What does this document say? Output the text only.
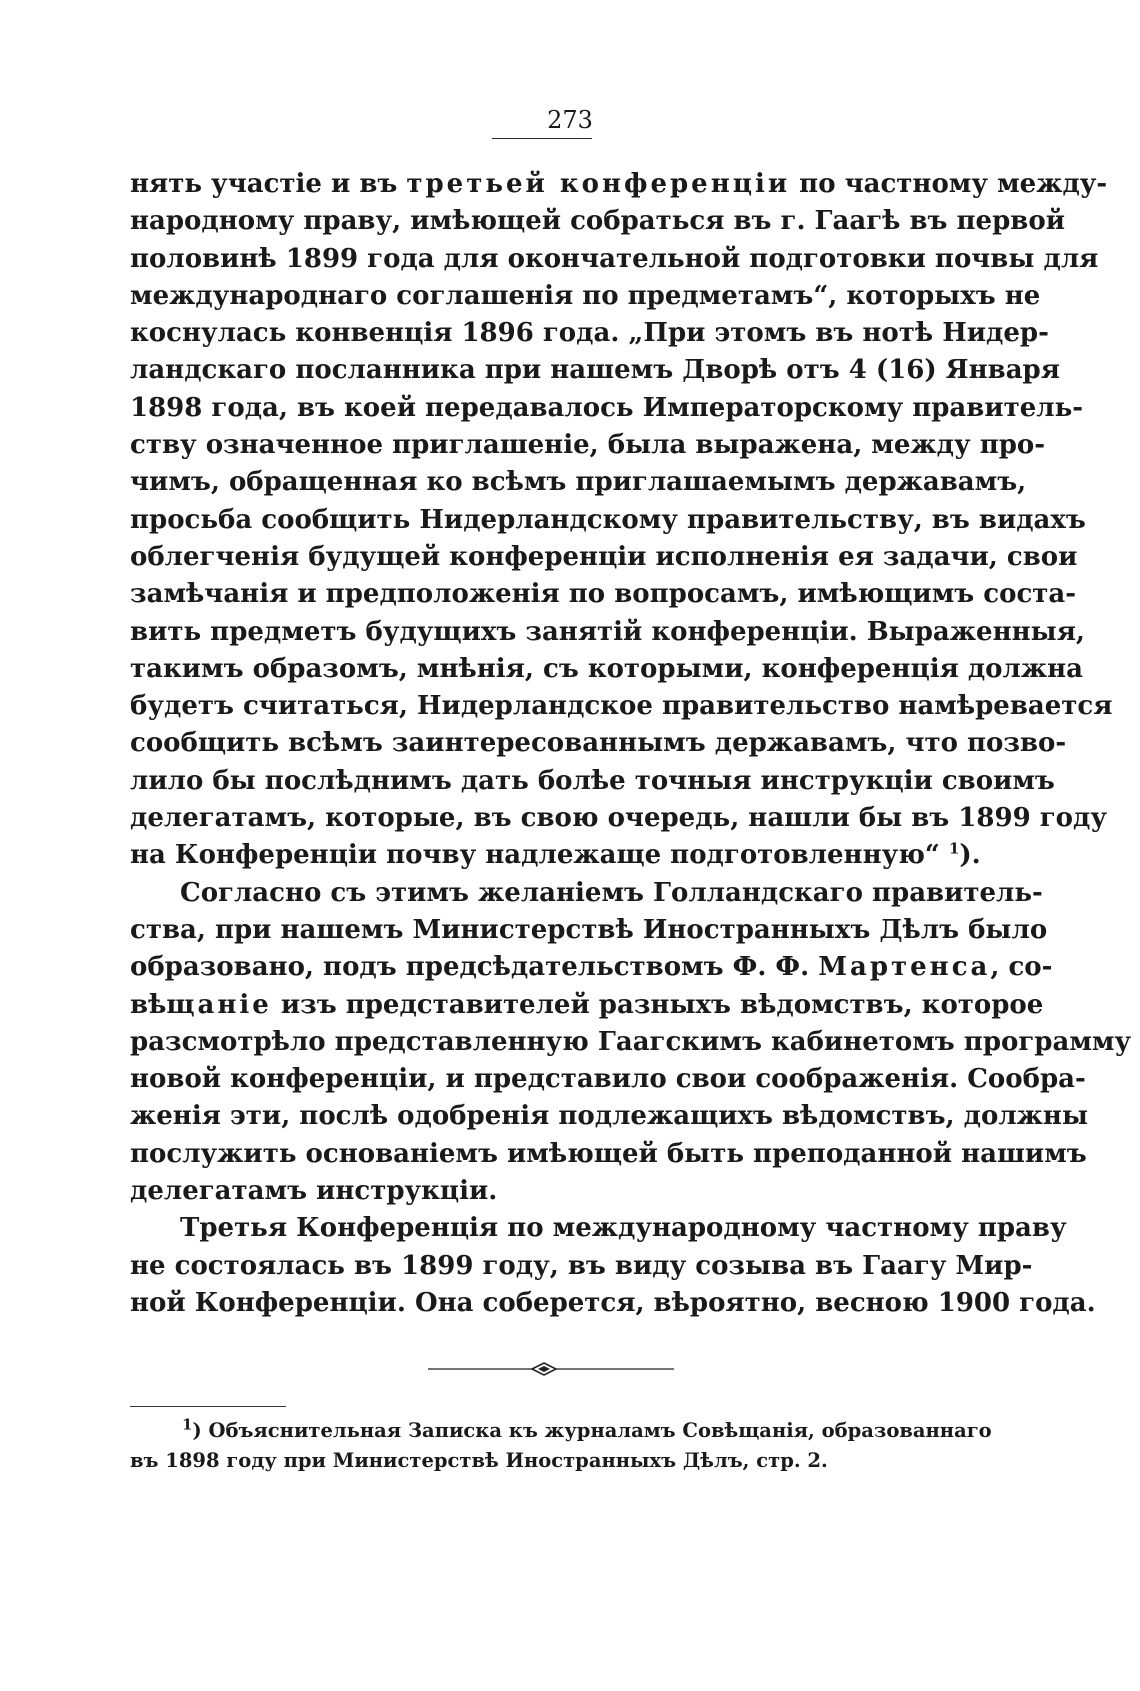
273
нять участіе и въ третьей конференціи по частному между-
народному праву, имѣющей собраться въ г. Гаагѣ въ первой
половинѣ 1899 года для окончательной подготовки почвы для
международнаго соглашенія по предметамъ“, которыхъ не
коснулась конвенція 1896 года. „При этомъ въ нотѣ Нидер-
ландскаго посланника при нашемъ Дворѣ отъ 4 (16) Января
1898 года, въ коей передавалось Императорскому правитель-
ству означенное приглашеніе, была выражена, между про-
чимъ, обращенная ко всѣмъ приглашаемымъ державамъ,
просьба сообщить Нидерландскому правительству, въ видахъ
облегченія будущей конференціи исполненія ея задачи, свои
замѣчанія и предположенія по вопросамъ, имѣющимъ соста-
вить предметъ будущихъ занятій конференціи. Выраженныя,
такимъ образомъ, мнѣнія, съ которыми, конференція должна
будетъ считаться, Нидерландское правительство намѣревается
сообщить всѣмъ заинтересованнымъ державамъ, что позво-
лило бы послѣднимъ дать болѣе точныя инструкціи своимъ
делегатамъ, которые, въ свою очередь, нашли бы въ 1899 году
на Конференціи почву надлежаще подготовленную“ $^1$).
Согласно съ этимъ желаніемъ Голландскаго правитель-
ства, при нашемъ Министерствѣ Иностранныхъ Дѣлъ было
образовано, подъ предсѣдательствомъ Ф. Ф. Мартенса, со-
вѣщаніе изъ представителей разныхъ вѣдомствъ, которое
разсмотрѣло представленную Гаагскимъ кабинетомъ программу
новой конференціи, и представило свои соображенія. Сообра-
женія эти, послѣ одобренія подлежащихъ вѣдомствъ, должны
послужить основаніемъ имѣющей быть преподанной нашимъ
делегатамъ инструкціи.
Третья Конференція по международному частному праву
не состоялась въ 1899 году, въ виду созыва въ Гаагу Мир-
ной Конференціи. Она соберется, вѣроятно, весною 1900 года.
$^1$) Объяснительная Записка къ журналамъ Совѣщанія, образованнаго
въ 1898 году при Министерствѣ Иностранныхъ Дѣлъ, стр. 2.
